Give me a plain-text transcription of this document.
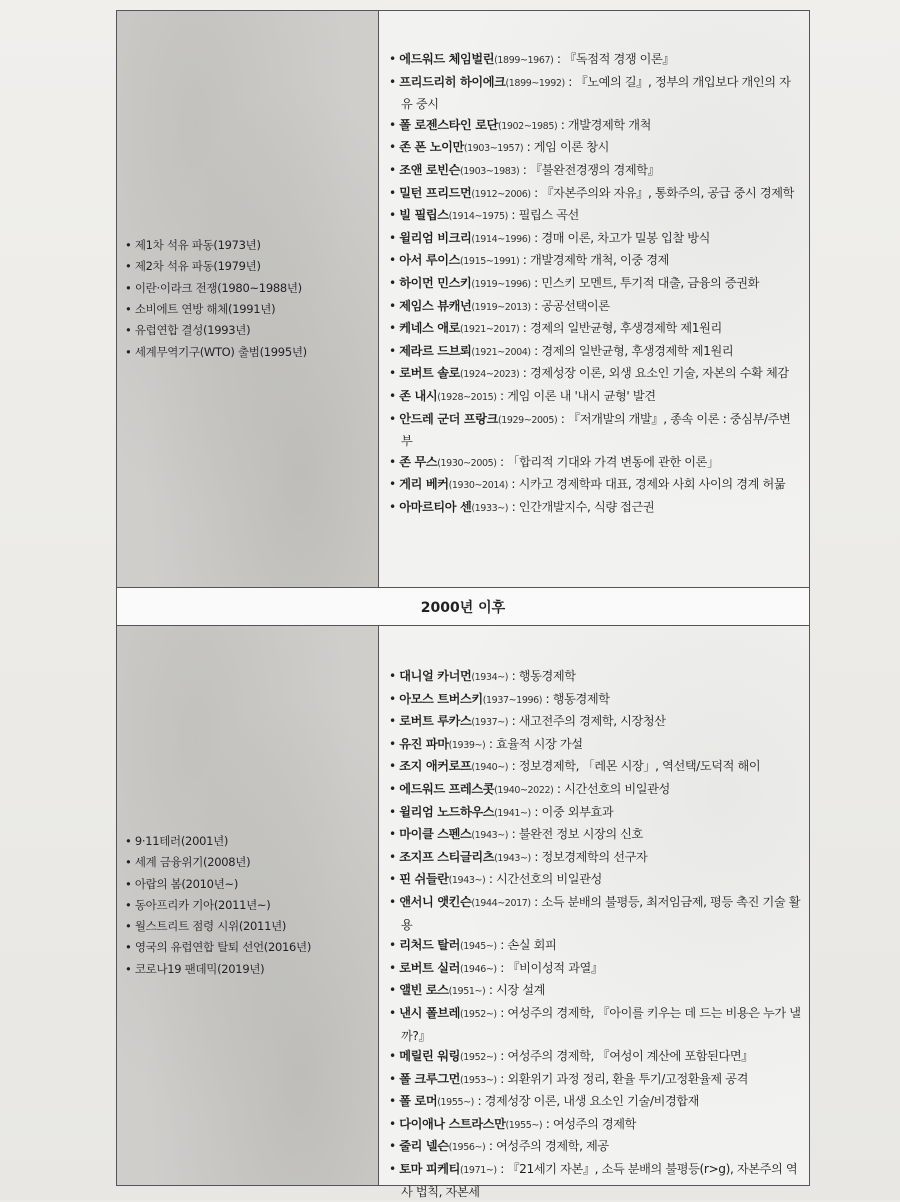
• 제1차 석유 파동(1973년)
• 제2차 석유 파동(1979년)
• 이란·이라크 전쟁(1980~1988년)
• 소비에트 연방 해체(1991년)
• 유럽연합 결성(1993년)
• 세계무역기구(WTO) 출범(1995년)
• 에드워드 체임벌린(1899~1967) : 『독점적 경쟁 이론』
• 프리드리히 하이에크(1899~1992) : 『노예의 길』, 정부의 개입보다 개인의 자유 중시
• 폴 로젠스타인 로단(1902~1985) : 개발경제학 개척
• 존 폰 노이만(1903~1957) : 게임 이론 창시
• 조앤 로빈슨(1903~1983) : 『불완전경쟁의 경제학』
• 밀턴 프리드먼(1912~2006) : 『자본주의와 자유』, 통화주의, 공급 중시 경제학
• 빌 필립스(1914~1975) : 필립스 곡선
• 윌리엄 비크리(1914~1996) : 경매 이론, 차고가 밀봉 입찰 방식
• 아서 루이스(1915~1991) : 개발경제학 개척, 이중 경제
• 하이먼 민스키(1919~1996) : 민스키 모멘트, 투기적 대출, 금융의 증권화
• 제임스 뷰캐넌(1919~2013) : 공공선택이론
• 케네스 애로(1921~2017) : 경제의 일반균형, 후생경제학 제1원리
• 제라르 드브뢰(1921~2004) : 경제의 일반균형, 후생경제학 제1원리
• 로버트 솔로(1924~2023) : 경제성장 이론, 외생 요소인 기술, 자본의 수확 체감
• 존 내시(1928~2015) : 게임 이론 내 '내시 균형' 발견
• 안드레 군더 프랑크(1929~2005) : 『저개발의 개발』, 종속 이론 : 중심부/주변부
• 존 무스(1930~2005) : 「합리적 기대와 가격 변동에 관한 이론」
• 게리 베커(1930~2014) : 시카고 경제학파 대표, 경제와 사회 사이의 경계 허묾
• 아마르티아 센(1933~) : 인간개발지수, 식량 접근권
2000년 이후
• 9·11테러(2001년)
• 세계 금융위기(2008년)
• 아랍의 봄(2010년~)
• 동아프리카 기아(2011년~)
• 월스트리트 점령 시위(2011년)
• 영국의 유럽연합 탈퇴 선언(2016년)
• 코로나19 팬데믹(2019년)
• 대니얼 카너먼(1934~) : 행동경제학
• 아모스 트버스키(1937~1996) : 행동경제학
• 로버트 루카스(1937~) : 새고전주의 경제학, 시장청산
• 유진 파마(1939~) : 효율적 시장 가설
• 조지 애커로프(1940~) : 정보경제학, 「레몬 시장」, 역선택/도덕적 해이
• 에드워드 프레스콧(1940~2022) : 시간선호의 비일관성
• 윌리엄 노드하우스(1941~) : 이중 외부효과
• 마이클 스펜스(1943~) : 불완전 정보 시장의 신호
• 조지프 스티글리츠(1943~) : 정보경제학의 선구자
• 핀 쉬들란(1943~) : 시간선호의 비일관성
• 앤서니 앳킨슨(1944~2017) : 소득 분배의 불평등, 최저임금제, 평등 촉진 기술 활용
• 리처드 탈러(1945~) : 손실 회피
• 로버트 실러(1946~) : 『비이성적 과열』
• 앨빈 로스(1951~) : 시장 설계
• 낸시 폴브레(1952~) : 여성주의 경제학, 『아이를 키우는 데 드는 비용은 누가 낼까?』
• 메릴린 워링(1952~) : 여성주의 경제학, 『여성이 계산에 포함된다면』
• 폴 크루그먼(1953~) : 외환위기 과정 정리, 환율 투기/고정환율제 공격
• 폴 로머(1955~) : 경제성장 이론, 내생 요소인 기술/비경합재
• 다이애나 스트라스만(1955~) : 여성주의 경제학
• 줄리 넬슨(1956~) : 여성주의 경제학, 제공
• 토마 피케티(1971~) : 『21세기 자본』, 소득 분배의 불평등(r>g), 자본주의 역사 법칙, 자본세
